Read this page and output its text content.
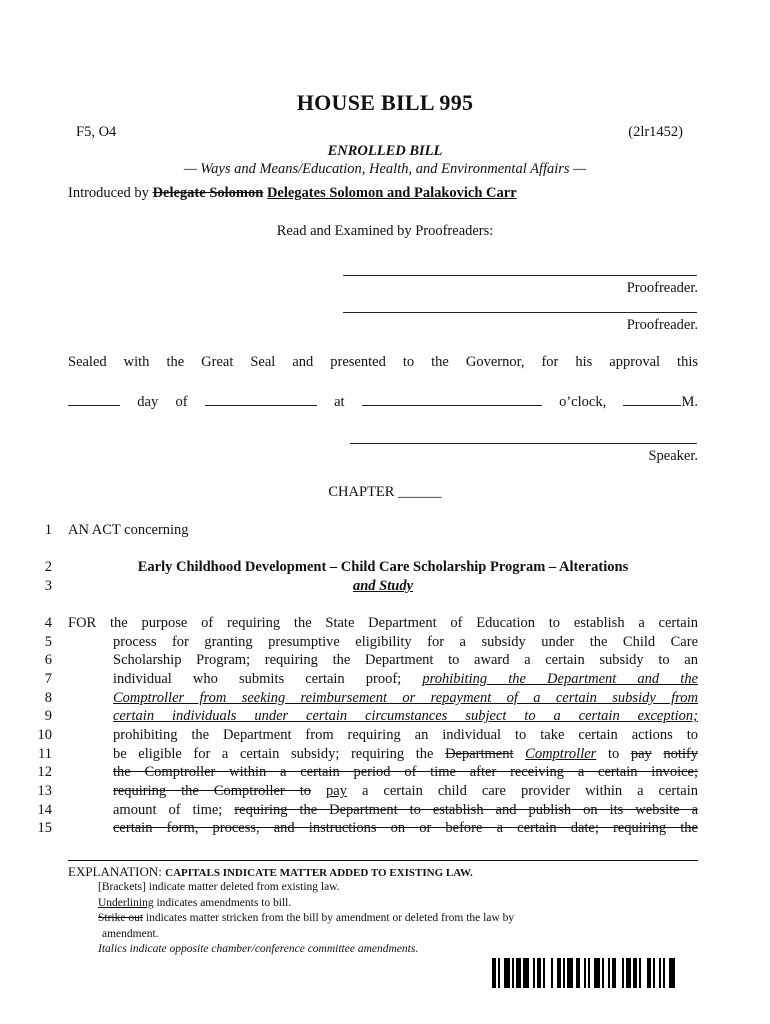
HOUSE BILL 995
F5, O4	(2lr1452)
ENROLLED BILL
— Ways and Means/Education, Health, and Environmental Affairs —
Introduced by Delegate Solomon Delegates Solomon and Palakovich Carr
Read and Examined by Proofreaders:
Proofreader.
Proofreader.
Sealed with the Great Seal and presented to the Governor, for his approval this
day of	at	o’clock,	M.
Speaker.
CHAPTER ______
1
2
3
4
5
6
7
8
9
10
11
12
13
14
15
AN ACT concerning
Early Childhood Development – Child Care Scholarship Program – Alterations
and Study
FOR the purpose of requiring the State Department of Education to establish a certain
process for granting presumptive eligibility for a subsidy under the Child Care
Scholarship Program; requiring the Department to award a certain subsidy to an
individual who submits certain proof; prohibiting the Department and the
Comptroller from seeking reimbursement or repayment of a certain subsidy from
certain individuals under certain circumstances subject to a certain exception;
prohibiting the Department from requiring an individual to take certain actions to
be eligible for a certain subsidy; requiring the Department Comptroller to pay notify
the Comptroller within a certain period of time after receiving a certain invoice;
requiring the Comptroller to pay a certain child care provider within a certain
amount of time; requiring the Department to establish and publish on its website a
certain form, process, and instructions on or before a certain date; requiring the
EXPLANATION: CAPITALS INDICATE MATTER ADDED TO EXISTING LAW.
[Brackets] indicate matter deleted from existing law.
Underlining indicates amendments to bill.
Strike out indicates matter stricken from the bill by amendment or deleted from the law by
amendment.
Italics indicate opposite chamber/conference committee amendments.
